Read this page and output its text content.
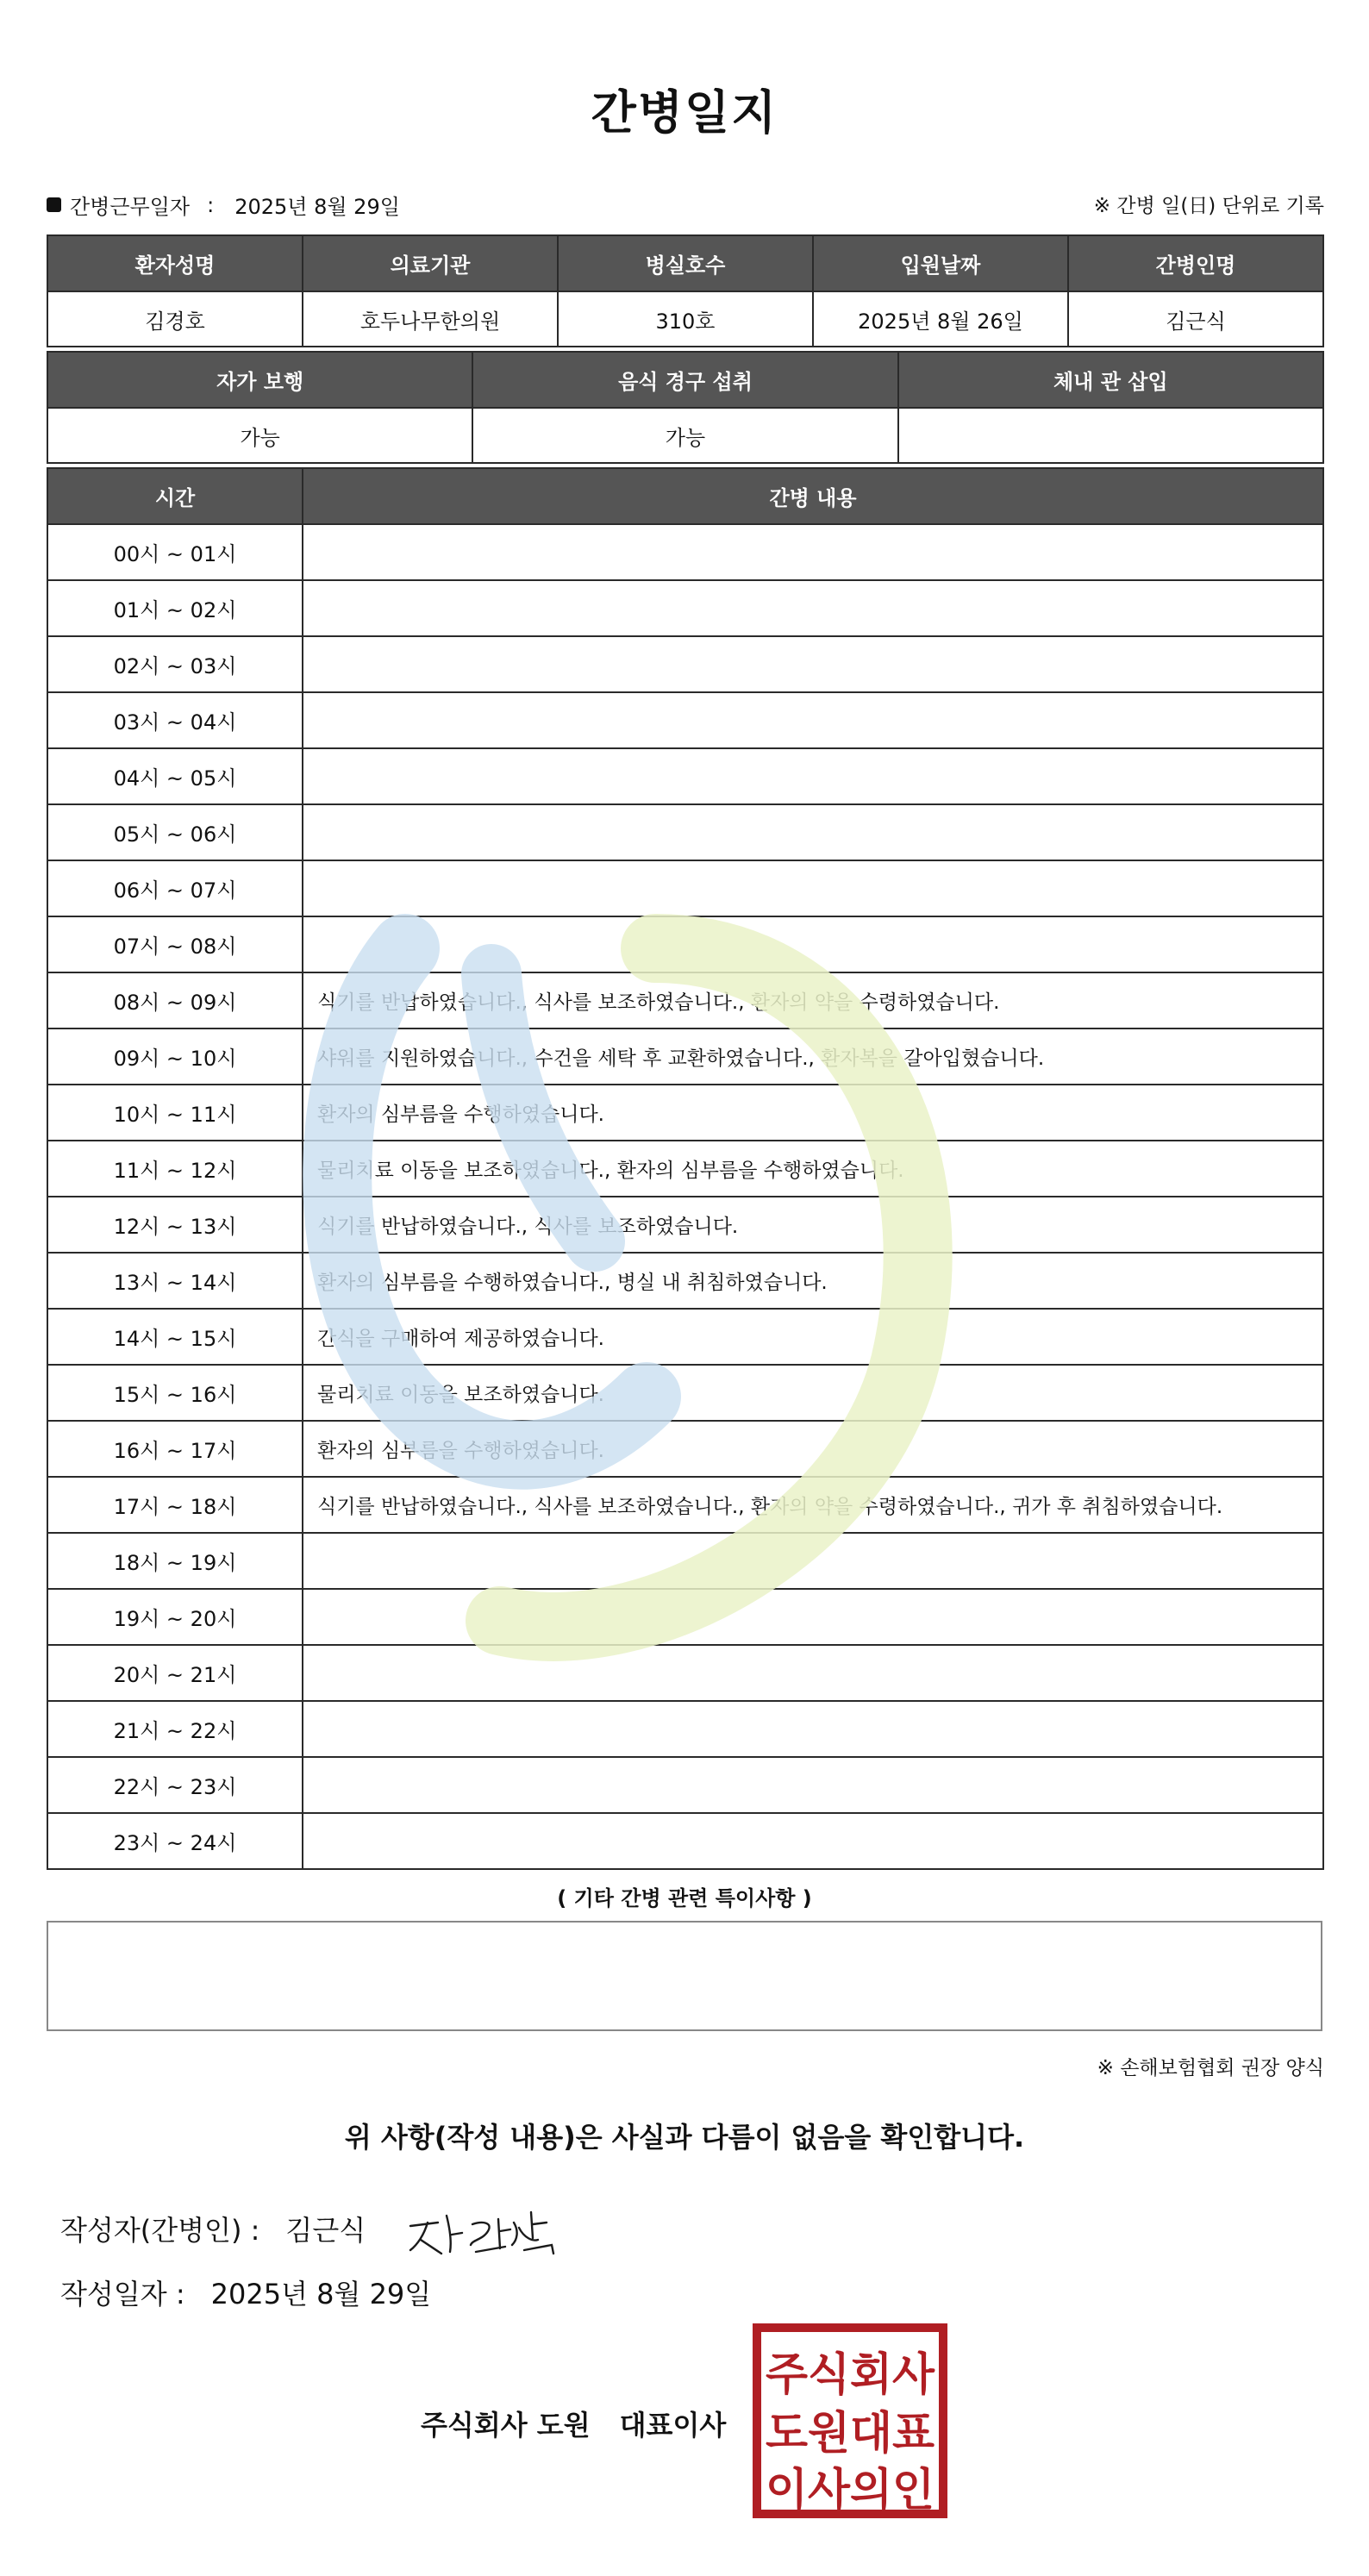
간병일지
간병근무일자 : 2025년 8월 29일	※ 간병 일(日) 단위로 기록
환자성명	의료기관	병실호수	입원날짜	간병인명
김경호	호두나무한의원	310호	2025년 8월 26일	김근식
자가 보행	음식 경구 섭취	체내 관 삽입
가능	가능	
시간	간병 내용
00시 ~ 01시	
01시 ~ 02시	
02시 ~ 03시	
03시 ~ 04시	
04시 ~ 05시	
05시 ~ 06시	
06시 ~ 07시	
07시 ~ 08시	
08시 ~ 09시	식기를 반납하였습니다., 식사를 보조하였습니다., 환자의 약을 수령하였습니다.
09시 ~ 10시	샤워를 지원하였습니다., 수건을 세탁 후 교환하였습니다., 환자복을 갈아입혔습니다.
10시 ~ 11시	환자의 심부름을 수행하였습니다.
11시 ~ 12시	물리치료 이동을 보조하였습니다., 환자의 심부름을 수행하였습니다.
12시 ~ 13시	식기를 반납하였습니다., 식사를 보조하였습니다.
13시 ~ 14시	환자의 심부름을 수행하였습니다., 병실 내 취침하였습니다.
14시 ~ 15시	간식을 구매하여 제공하였습니다.
15시 ~ 16시	물리치료 이동을 보조하였습니다.
16시 ~ 17시	환자의 심부름을 수행하였습니다.
17시 ~ 18시	식기를 반납하였습니다., 식사를 보조하였습니다., 환자의 약을 수령하였습니다., 귀가 후 취침하였습니다.
18시 ~ 19시	
19시 ~ 20시	
20시 ~ 21시	
21시 ~ 22시	
22시 ~ 23시	
23시 ~ 24시	
( 기타 간병 관련 특이사항 )
※ 손해보험협회 권장 양식
위 사항(작성 내용)은 사실과 다름이 없음을 확인합니다.
작성자(간병인) : 김근식
작성일자 : 2025년 8월 29일
주식회사 도원 대표이사
주식회사
도원대표
이사의인
